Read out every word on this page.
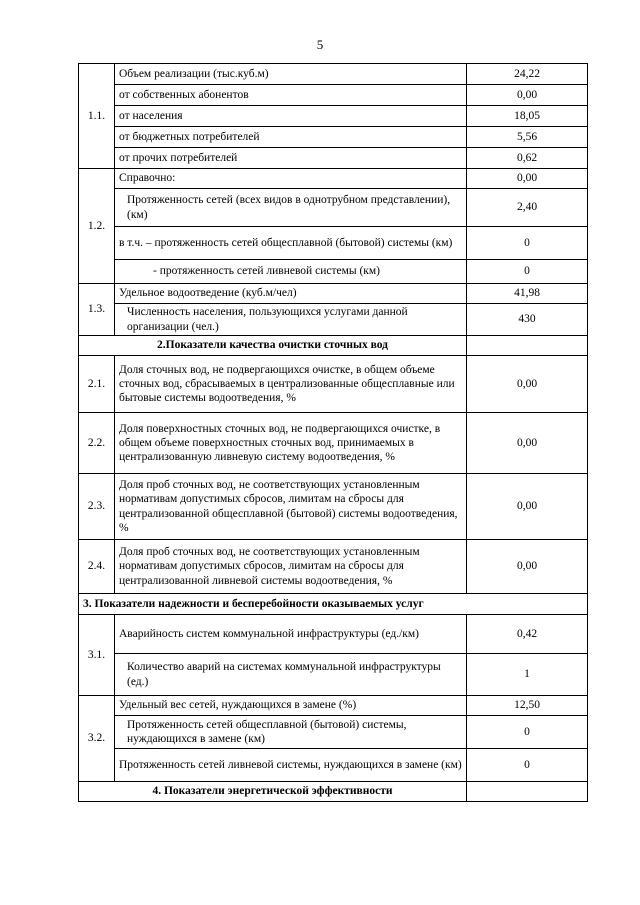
5
1.1.	Объем реализации (тыс.куб.м)	24,22
	от собственных абонентов	0,00
	от населения	18,05
	от бюджетных потребителей	5,56
	от прочих потребителей	0,62
1.2.	Справочно:	0,00
	Протяженность сетей (всех видов в однотрубном представлении), (км)	2,40
	в т.ч. – протяженность сетей общесплавной (бытовой) системы (км)	0
	- протяженность сетей ливневой системы (км)	0
1.3.	Удельное водоотведение (куб.м/чел)	41,98
	Численность населения, пользующихся услугами данной организации (чел.)	430
2.Показатели качества очистки сточных вод		
2.1.	Доля сточных вод, не подвергающихся очистке, в общем объеме сточных вод, сбрасываемых в централизованные общесплавные или бытовые системы водоотведения, %	0,00
2.2.	Доля поверхностных сточных вод, не подвергающихся очистке, в общем объеме поверхностных сточных вод, принимаемых в централизованную ливневую систему водоотведения, %	0,00
2.3.	Доля проб сточных вод, не соответствующих установленным нормативам допустимых сбросов, лимитам на сбросы для централизованной общесплавной (бытовой) системы водоотведения, %	0,00
2.4.	Доля проб сточных вод, не соответствующих установленным нормативам допустимых сбросов, лимитам на сбросы для централизованной ливневой системы водоотведения, %	0,00
3. Показатели надежности и бесперебойности оказываемых услуг		
3.1.	Аварийность систем коммунальной инфраструктуры (ед./км)	0,42
	Количество аварий на системах коммунальной инфраструктуры (ед.)	1
3.2.	Удельный вес сетей, нуждающихся в замене (%)	12,50
	Протяженность сетей общесплавной (бытовой) системы, нуждающихся в замене (км)	0
	Протяженность сетей ливневой системы, нуждающихся в замене (км)	0
4. Показатели энергетической эффективности		
